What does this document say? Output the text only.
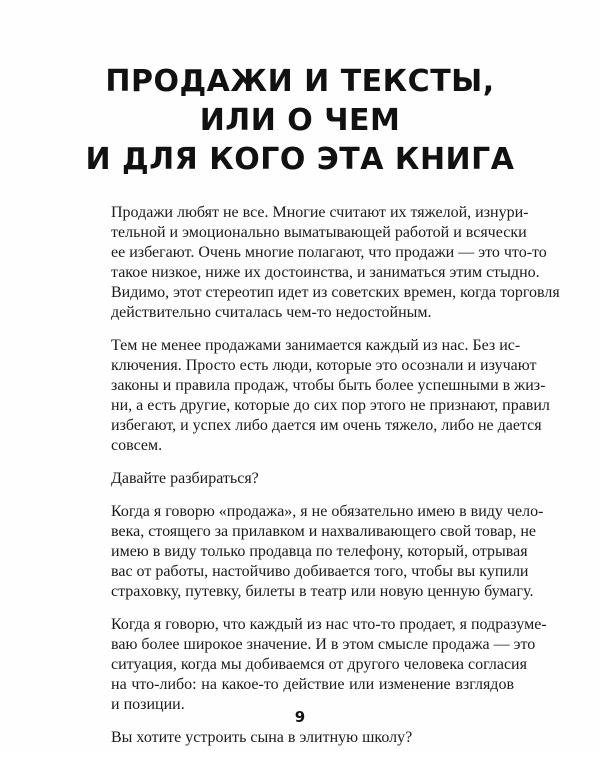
ПРОДАЖИ И ТЕКСТЫ,
ИЛИ О ЧЕМ
И ДЛЯ КОГО ЭТА КНИГА

Продажи любят не все. Многие считают их тяжелой, изнури-
тельной и эмоционально выматывающей работой и всячески
ее избегают. Очень многие полагают, что продажи — это что-то
такое низкое, ниже их достоинства, и заниматься этим стыдно.
Видимо, этот стереотип идет из советских времен, когда торговля
действительно считалась чем-то недостойным.

Тем не менее продажами занимается каждый из нас. Без ис-
ключения. Просто есть люди, которые это осознали и изучают
законы и правила продаж, чтобы быть более успешными в жиз-
ни, а есть другие, которые до сих пор этого не признают, правил
избегают, и успех либо дается им очень тяжело, либо не дается
совсем.

Давайте разбираться?

Когда я говорю «продажа», я не обязательно имею в виду чело-
века, стоящего за прилавком и нахваливающего свой товар, не
имею в виду только продавца по телефону, который, отрывая
вас от работы, настойчиво добивается того, чтобы вы купили
страховку, путевку, билеты в театр или новую ценную бумагу.

Когда я говорю, что каждый из нас что-то продает, я подразуме-
ваю более широкое значение. И в этом смысле продажа — это
ситуация, когда мы добиваемся от другого человека согласия
на что-либо: на какое-то действие или изменение взглядов
и позиции.

Вы хотите устроить сына в элитную школу?

9
